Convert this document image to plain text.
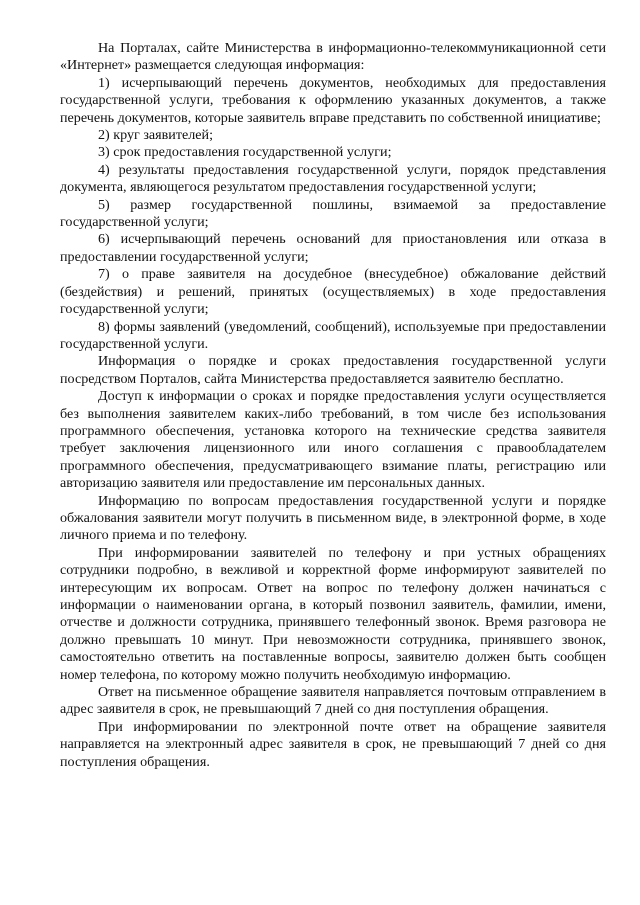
На Порталах, сайте Министерства в информационно-телекоммуникационной сети «Интернет» размещается следующая информация:

1) исчерпывающий перечень документов, необходимых для предоставления государственной услуги, требования к оформлению указанных документов, а также перечень документов, которые заявитель вправе представить по собственной инициативе;

2) круг заявителей;

3) срок предоставления государственной услуги;

4) результаты предоставления государственной услуги, порядок представления документа, являющегося результатом предоставления государственной услуги;

5) размер государственной пошлины, взимаемой за предоставление государственной услуги;

6) исчерпывающий перечень оснований для приостановления или отказа в предоставлении государственной услуги;

7) о праве заявителя на досудебное (внесудебное) обжалование действий (бездействия) и решений, принятых (осуществляемых) в ходе предоставления государственной услуги;

8) формы заявлений (уведомлений, сообщений), используемые при предоставлении государственной услуги.

Информация о порядке и сроках предоставления государственной услуги посредством Порталов, сайта Министерства предоставляется заявителю бесплатно.

Доступ к информации о сроках и порядке предоставления услуги осуществляется без выполнения заявителем каких-либо требований, в том числе без использования программного обеспечения, установка которого на технические средства заявителя требует заключения лицензионного или иного соглашения с правообладателем программного обеспечения, предусматривающего взимание платы, регистрацию или авторизацию заявителя или предоставление им персональных данных.

Информацию по вопросам предоставления государственной услуги и порядке обжалования заявители могут получить в письменном виде, в электронной форме, в ходе личного приема и по телефону.

При информировании заявителей по телефону и при устных обращениях сотрудники подробно, в вежливой и корректной форме информируют заявителей по интересующим их вопросам. Ответ на вопрос по телефону должен начинаться с информации о наименовании органа, в который позвонил заявитель, фамилии, имени, отчестве и должности сотрудника, принявшего телефонный звонок. Время разговора не должно превышать 10 минут. При невозможности сотрудника, принявшего звонок, самостоятельно ответить на поставленные вопросы, заявителю должен быть сообщен номер телефона, по которому можно получить необходимую информацию.

Ответ на письменное обращение заявителя направляется почтовым отправлением в адрес заявителя в срок, не превышающий 7 дней со дня поступления обращения.

При информировании по электронной почте ответ на обращение заявителя направляется на электронный адрес заявителя в срок, не превышающий 7 дней со дня поступления обращения.
